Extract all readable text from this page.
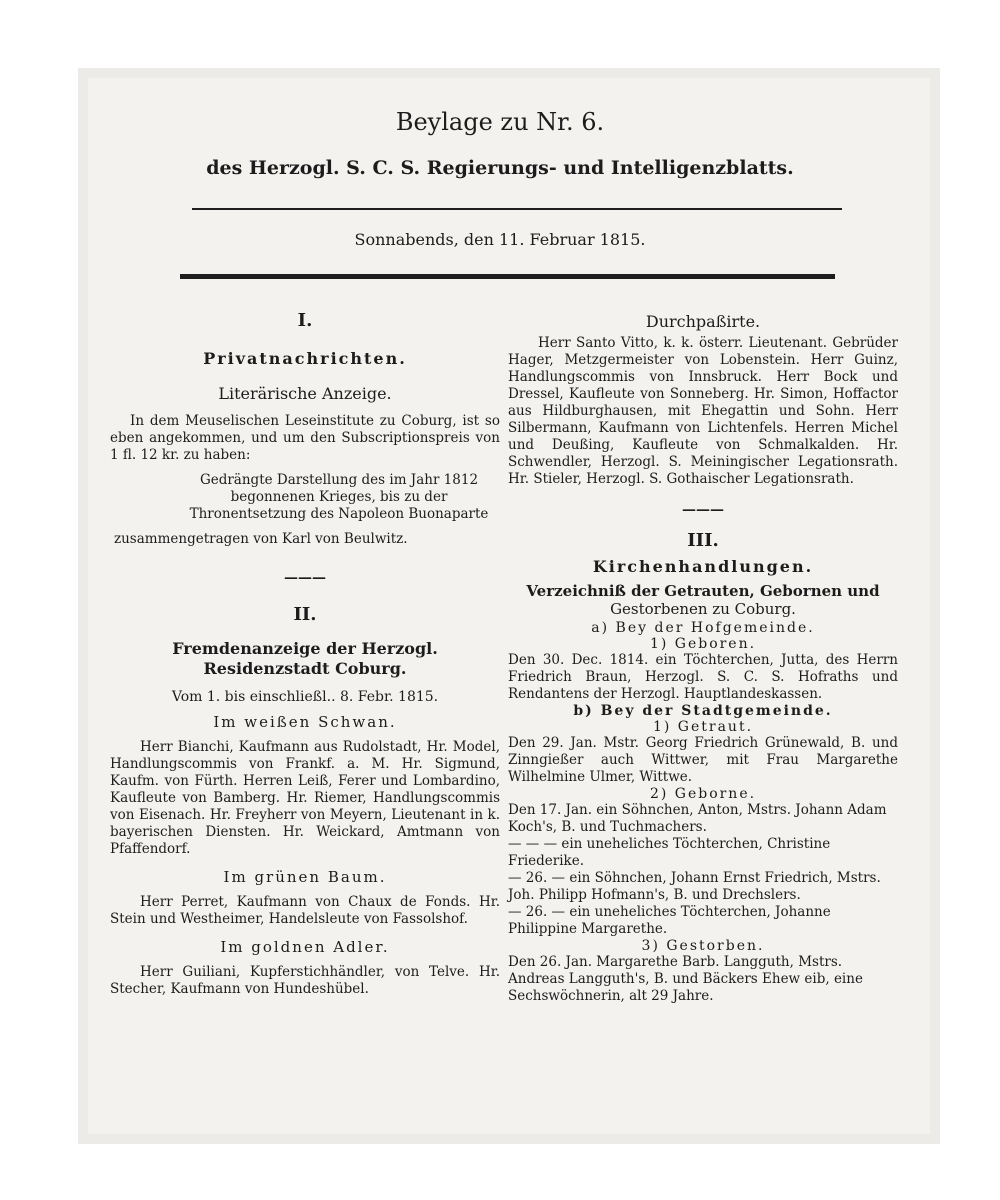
Beylage zu Nr. 6.
des Herzogl. S. C. S. Regierungs- und Intelligenzblatts.
Sonnabends, den 11. Februar 1815.
I.
Privatnachrichten.
Literärische Anzeige.
In dem Meuselischen Leseinstitute zu Coburg, ist so eben angekommen, und um den Subscriptionspreis von 1 fl. 12 kr. zu haben:
Gedrängte Darstellung des im Jahr 1812 begonnenen Krieges, bis zu der Thronentsetzung des Napoleon Buonaparte
zusammengetragen von Karl von Beulwitz.
———
II.
Fremdenanzeige der Herzogl. Residenzstadt Coburg.
Vom 1. bis einschließl.. 8. Febr. 1815.
Im weißen Schwan.
Herr Bianchi, Kaufmann aus Rudolstadt, Hr. Model, Handlungscommis von Frankf. a. M. Hr. Sigmund, Kaufm. von Fürth. Herren Leiß, Ferer und Lombardino, Kaufleute von Bamberg. Hr. Riemer, Handlungscommis von Eisenach. Hr. Freyherr von Meyern, Lieutenant in k. bayerischen Diensten. Hr. Weickard, Amtmann von Pfaffendorf.
Im grünen Baum.
Herr Perret, Kaufmann von Chaux de Fonds. Hr. Stein und Westheimer, Handelsleute von Fassolshof.
Im goldnen Adler.
Herr Guiliani, Kupferstichhändler, von Telve. Hr. Stecher, Kaufmann von Hundeshübel.
Durchpaßirte.
Herr Santo Vitto, k. k. österr. Lieutenant. Gebrüder Hager, Metzgermeister von Lobenstein. Herr Guinz, Handlungscommis von Innsbruck. Herr Bock und Dressel, Kaufleute von Sonneberg. Hr. Simon, Hoffactor aus Hildburghausen, mit Ehegattin und Sohn. Herr Silbermann, Kaufmann von Lichtenfels. Herren Michel und Deußing, Kaufleute von Schmalkalden. Hr. Schwendler, Herzogl. S. Meiningischer Legationsrath. Hr. Stieler, Herzogl. S. Gothaischer Legationsrath.
———
III.
Kirchenhandlungen.
Verzeichniß der Getrauten, Gebornen und
Gestorbenen zu Coburg.
a) Bey der Hofgemeinde.
1) Geboren.
Den 30. Dec. 1814. ein Töchterchen, Jutta, des Herrn Friedrich Braun, Herzogl. S. C. S. Hofraths und Rendantens der Herzogl. Hauptlandeskassen.
b) Bey der Stadtgemeinde.
1) Getraut.
Den 29. Jan. Mstr. Georg Friedrich Grünewald, B. und Zinngießer auch Wittwer, mit Frau Margarethe Wilhelmine Ulmer, Wittwe.
2) Geborne.
Den 17. Jan. ein Söhnchen, Anton, Mstrs. Johann Adam Koch's, B. und Tuchmachers.
— — — ein uneheliches Töchterchen, Christine Friederike.
— 26. — ein Söhnchen, Johann Ernst Friedrich, Mstrs. Joh. Philipp Hofmann's, B. und Drechslers.
— 26. — ein uneheliches Töchterchen, Johanne Philippine Margarethe.
3) Gestorben.
Den 26. Jan. Margarethe Barb. Langguth, Mstrs. Andreas Langguth's, B. und Bäckers Ehew eib, eine Sechswöchnerin, alt 29 Jahre.
